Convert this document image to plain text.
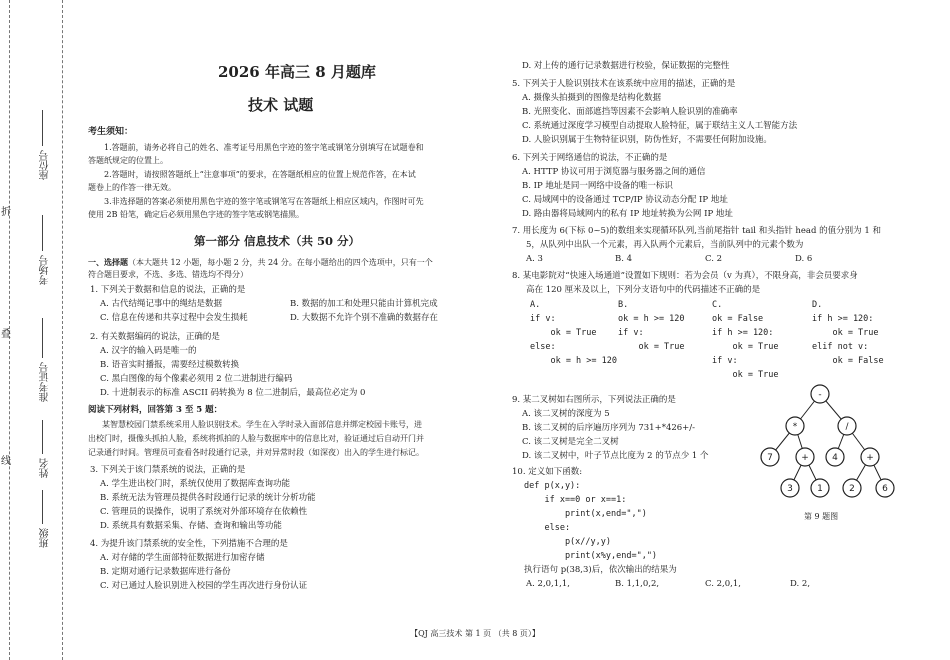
折
叠
线
座位号
考场号
准考证号
姓名
班级
2026 年高三 8 月题库
技术 试题
考生须知：
1.答题前，请务必将自己的姓名、准考证号用黑色字迹的签字笔或钢笔分别填写在试题卷和
答题纸规定的位置上。
2.答题时，请按照答题纸上“注意事项”的要求，在答题纸相应的位置上规范作答，在本试
题卷上的作答一律无效。
3.非选择题的答案必须使用黑色字迹的签字笔或钢笔写在答题纸上相应区域内，作图时可先
使用 2B 铅笔，确定后必须用黑色字迹的签字笔或钢笔描黑。
第一部分 信息技术（共 50 分）
一、选择题（本大题共 12 小题，每小题 2 分，共 24 分。在每小题给出的四个选项中，只有一个
符合题目要求，不选、多选、错选均不得分）
1. 下列关于数据和信息的说法，正确的是
A. 古代结绳记事中的绳结是数据	B. 数据的加工和处理只能由计算机完成
C. 信息在传递和共享过程中会发生损耗	D. 大数据不允许个别不准确的数据存在
2. 有关数据编码的说法，正确的是
A. 汉字的输入码是唯一的
B. 语音实时播报，需要经过模数转换
C. 黑白图像的每个像素必须用 2 位二进制进行编码
D. 十进制表示的标准 ASCII 码转换为 8 位二进制后，最高位必定为 0
阅读下列材料，回答第 3 至 5 题：
某智慧校园门禁系统采用人脸识别技术。学生在入学时录入面部信息并绑定校园卡账号，进
出校门时，摄像头抓拍人脸，系统将抓拍的人脸与数据库中的信息比对，验证通过后自动开门并
记录通行时间。管理员可查看各时段通行记录，并对异常时段（如深夜）出入的学生进行标记。
3. 下列关于该门禁系统的说法，正确的是
A. 学生进出校门时，系统仅使用了数据库查询功能
B. 系统无法为管理员提供各时段通行记录的统计分析功能
C. 管理员的误操作，说明了系统对外部环境存在依赖性
D. 系统具有数据采集、存储、查询和输出等功能
4. 为提升该门禁系统的安全性，下列措施不合理的是
A. 对存储的学生面部特征数据进行加密存储
B. 定期对通行记录数据库进行备份
C. 对已通过人脸识别进入校园的学生再次进行身份认证
D. 对上传的通行记录数据进行校验，保证数据的完整性
5. 下列关于人脸识别技术在该系统中应用的描述，正确的是
A. 摄像头拍摄到的图像是结构化数据
B. 光照变化、面部遮挡等因素不会影响人脸识别的准确率
C. 系统通过深度学习模型自动提取人脸特征，属于联结主义人工智能方法
D. 人脸识别属于生物特征识别，防伪性好，不需要任何附加设施。
6. 下列关于网络通信的说法，不正确的是
A. HTTP 协议可用于浏览器与服务器之间的通信
B. IP 地址是同一网络中设备的唯一标识
C. 局域网中的设备通过 TCP/IP 协议动态分配 IP 地址
D. 路由器将局域网内的私有 IP 地址转换为公网 IP 地址
7. 用长度为 6(下标 0~5)的数组来实现循环队列,当前尾指针 tail 和头指针 head 的值分别为 1 和
5，从队列中出队一个元素，再入队两个元素后，当前队列中的元素个数为
A. 3	B. 4	C. 2	D. 6
8. 某电影院对“快速入场通道”设置如下规则：若为会员（v 为真），不限身高，非会员要求身
高在 120 厘米及以上，下列分支语句中的代码描述不正确的是
A.
if v:
ok = True
else:
ok = h >= 120
B.
ok = h >= 120
if v:
ok = True
C.
ok = False
if h >= 120:
ok = True
if v:
ok = True
D.
if h >= 120:
ok = True
elif not v:
ok = False
9. 某二叉树如右图所示，下列说法正确的是
A. 该二叉树的深度为 5
B. 该二叉树的后序遍历序列为 731+*426+/-
C. 该二叉树是完全二叉树
D. 该二叉树中，叶子节点比度为 2 的节点少 1 个
-
*	/
7	+	4	+
3	1	2	6
第 9 题图
10. 定义如下函数:
def p(x,y):
if x==0 or x==1:
print(x,end=",")
else:
p(x//y,y)
print(x%y,end=",")
执行语句 p(38,3)后，依次输出的结果为
A. 2,0,1,1,	B. 1,1,0,2,	C. 2,0,1,	D. 2,
【QJ 高三技术 第 1 页 （共 8 页）】
